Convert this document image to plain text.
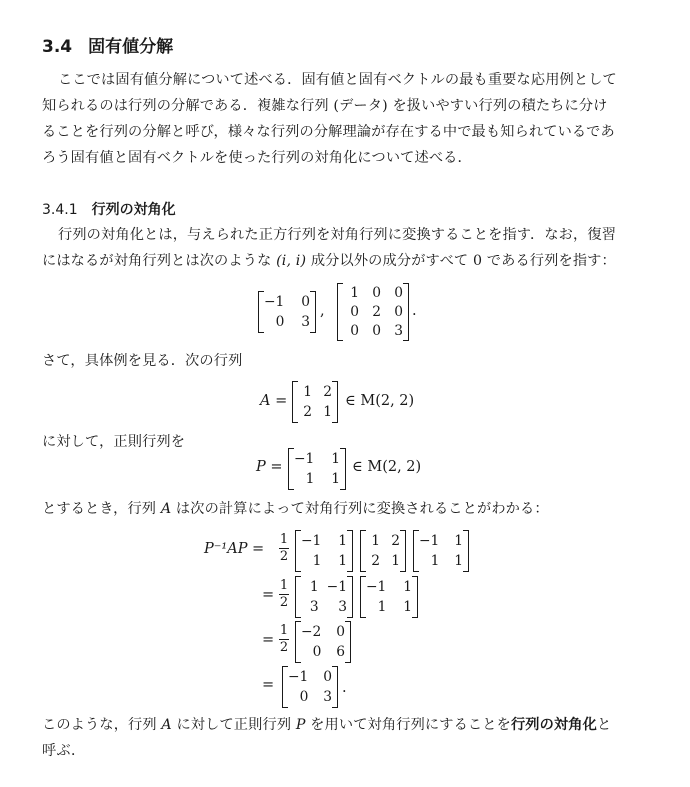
3.4 固有値分解
ここでは固有値分解について述べる．固有値と固有ベクトルの最も重要な応用例として
知られるのは行列の分解である．複雑な行列 (データ) を扱いやすい行列の積たちに分け
ることを行列の分解と呼び，様々な行列の分解理論が存在する中で最も知られているであ
ろう固有値と固有ベクトルを使った行列の対角化について述べる．
3.4.1 行列の対角化
行列の対角化とは，与えられた正方行列を対角行列に変換することを指す．なお，復習
にはなるが対角行列とは次のような (i, i) 成分以外の成分がすべて 0 である行列を指す：
−1	0
0	3
,
1 0 0
0 2 0
0 0 3
.
さて，具体例を見る．次の行列
A =
1 2
2 1
∈ M(2, 2)
に対して，正則行列を
P = −1	1
1	1
∈ M(2, 2)
とするとき，行列 A は次の計算によって対角行列に変換されることがわかる：
P⁻¹AP =
1
2
−1	1
1	1
1 2
2 1
−1	1
1	1
=
1
2
1 −1
3	3
−1	1
1	1
=
1
2
−2	0
0	6
= −1	0
0	3
.
このような，行列 A に対して正則行列 P を用いて対角行列にすることを行列の対角化と
呼ぶ．
